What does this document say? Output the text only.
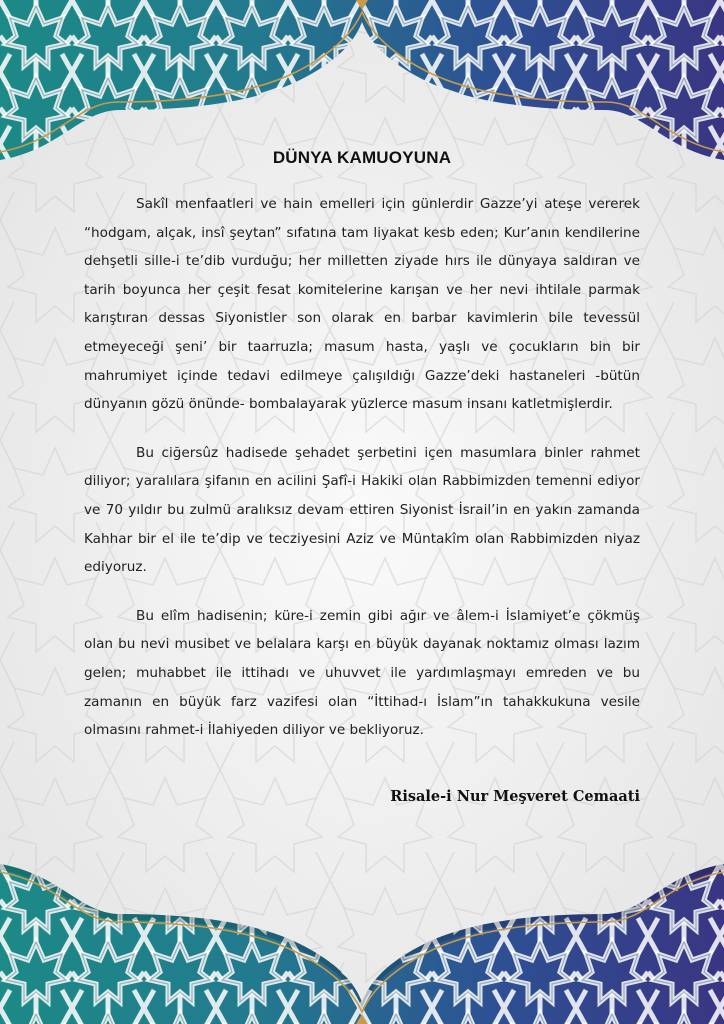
DÜNYA KAMUOYUNA

Sakîl menfaatleri ve hain emelleri için günlerdir Gazze’yi ateşe vererek “hodgam, alçak, insî şeytan” sıfatına tam liyakat kesb eden; Kur’anın kendilerine dehşetli sille-i te’dib vurduğu; her milletten ziyade hırs ile dünyaya saldıran ve tarih boyunca her çeşit fesat komitelerine karışan ve her nevi ihtilale parmak karıştıran dessas Siyonistler son olarak en barbar kavimlerin bile tevessül etmeyeceği şeni’ bir taarruzla; masum hasta, yaşlı ve çocukların bin bir mahrumiyet içinde tedavi edilmeye çalışıldığı Gazze’deki hastaneleri -bütün dünyanın gözü önünde- bombalayarak yüzlerce masum insanı katletmişlerdir.

Bu ciğersûz hadisede şehadet şerbetini içen masumlara binler rahmet diliyor; yaralılara şifanın en acilini Şafî-i Hakiki olan Rabbimizden temenni ediyor ve 70 yıldır bu zulmü aralıksız devam ettiren Siyonist İsrail’in en yakın zamanda Kahhar bir el ile te’dip ve tecziyesini Aziz ve Müntakîm olan Rabbimizden niyaz ediyoruz.

Bu elîm hadisenin; küre-i zemin gibi ağır ve âlem-i İslamiyet’e çökmüş olan bu nevi musibet ve belalara karşı en büyük dayanak noktamız olması lazım gelen; muhabbet ile ittihadı ve uhuvvet ile yardımlaşmayı emreden ve bu zamanın en büyük farz vazifesi olan “İttihad-ı İslam”ın tahakkukuna vesile olmasını rahmet-i İlahiyeden diliyor ve bekliyoruz.

Risale-i Nur Meşveret Cemaati
